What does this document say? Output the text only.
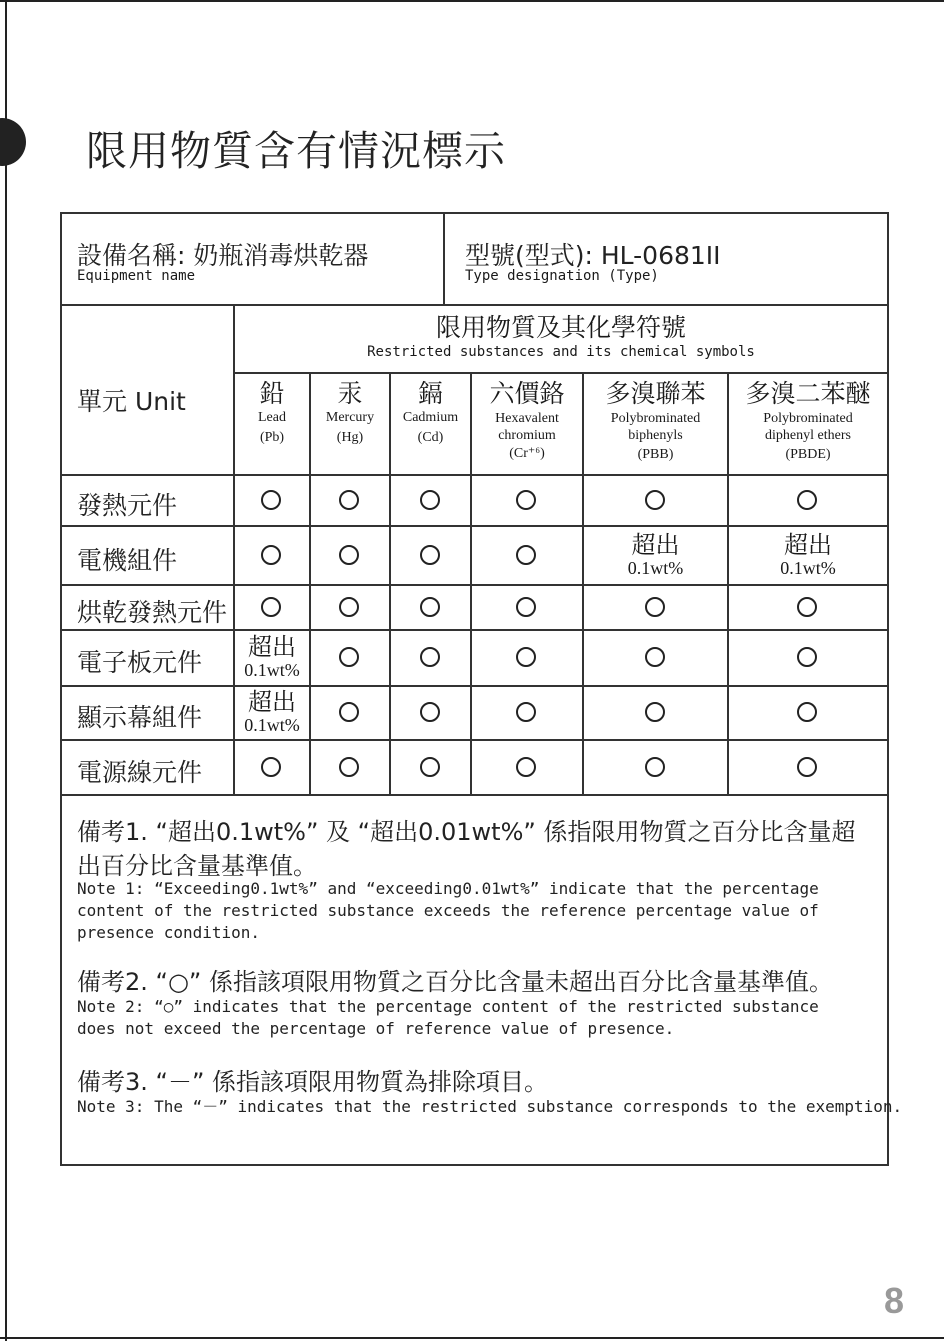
限用物質含有情況標示
設備名稱: 奶瓶消毒烘乾器
Equipment name
型號(型式): HL-0681II
Type designation (Type)
單元 Unit
限用物質及其化學符號
Restricted substances and its chemical symbols
鉛
Lead
(Pb)
汞
Mercury
(Hg)
鎘
Cadmium
(Cd)
六價鉻
Hexavalent
chromium
(Cr⁺⁶)
多溴聯苯
Polybrominated
biphenyls
(PBB)
多溴二苯醚
Polybrominated
diphenyl ethers
(PBDE)
發熱元件
電機組件
超出
0.1wt%
超出
0.1wt%
烘乾發熱元件
電子板元件
超出
0.1wt%
顯示幕組件
超出
0.1wt%
電源線元件
備考1. “超出0.1wt%” 及 “超出0.01wt%” 係指限用物質之百分比含量超
出百分比含量基準值。
Note 1: “Exceeding0.1wt%” and “exceeding0.01wt%” indicate that the percentage
content of the restricted substance exceeds the reference percentage value of
presence condition.
備考2. “○” 係指該項限用物質之百分比含量未超出百分比含量基準值。
Note 2: “○” indicates that the percentage content of the restricted substance
does not exceed the percentage of reference value of presence.
備考3. “－” 係指該項限用物質為排除項目。
Note 3: The “－” indicates that the restricted substance corresponds to the exemption.
8
